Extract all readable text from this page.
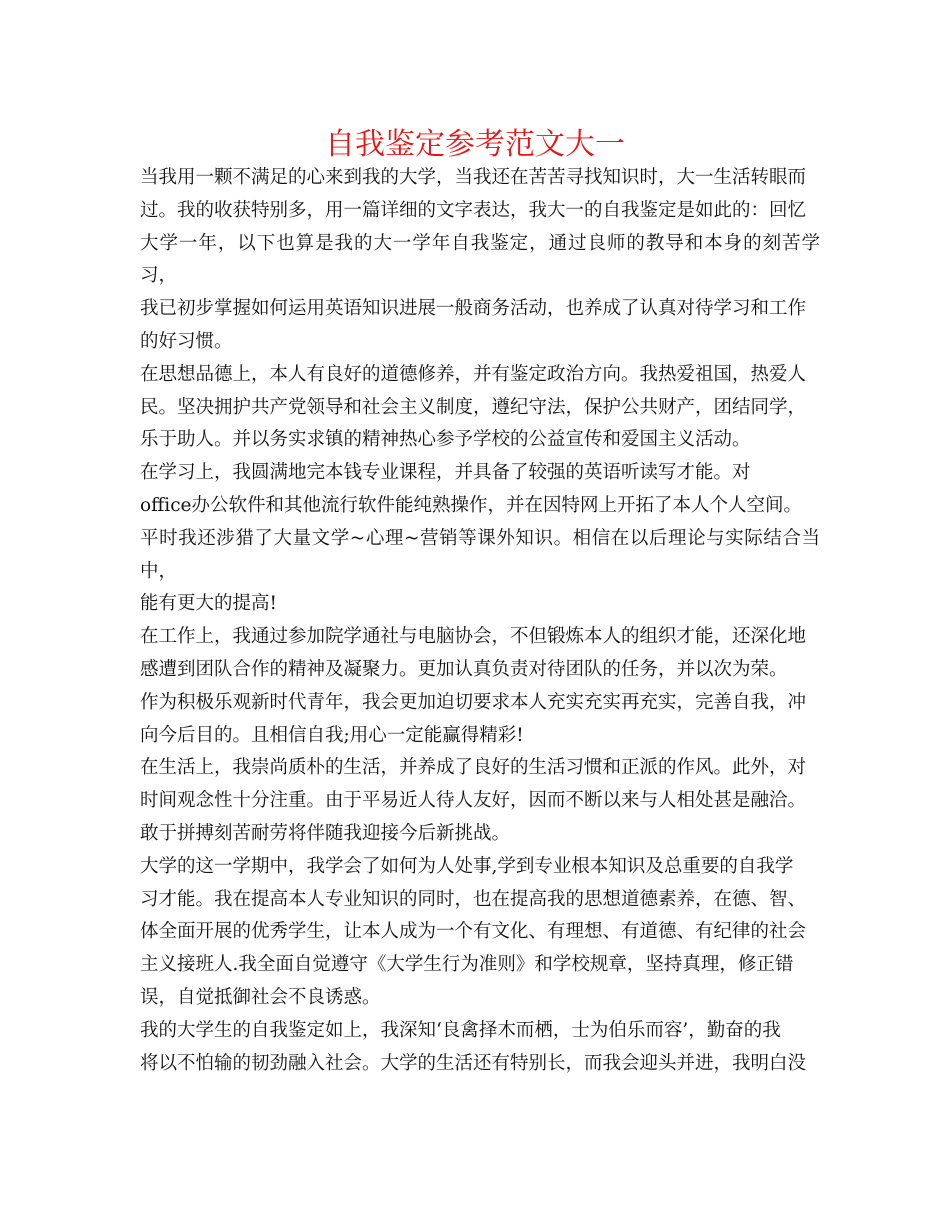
自我鉴定参考范文大一

当我用一颗不满足的心来到我的大学，当我还在苦苦寻找知识时，大一生活转眼而
过。我的收获特别多，用一篇详细的文字表达，我大一的自我鉴定是如此的：回忆
大学一年，以下也算是我的大一学年自我鉴定，通过良师的教导和本身的刻苦学习，
我已初步掌握如何运用英语知识进展一般商务活动，也养成了认真对待学习和工作
的好习惯。

在思想品德上，本人有良好的道德修养，并有鉴定政治方向。我热爱祖国，热爱人
民。坚决拥护共产党领导和社会主义制度，遵纪守法，保护公共财产，团结同学，
乐于助人。并以务实求镇的精神热心参予学校的公益宣传和爱国主义活动。

在学习上，我圆满地完本钱专业课程，并具备了较强的英语听读写才能。对
office办公软件和其他流行软件能纯熟操作，并在因特网上开拓了本人个人空间。
平时我还涉猎了大量文学~心理~营销等课外知识。相信在以后理论与实际结合当中，
能有更大的提高!

在工作上，我通过参加院学通社与电脑协会，不但锻炼本人的组织才能，还深化地
感遭到团队合作的精神及凝聚力。更加认真负责对待团队的任务，并以次为荣。

作为积极乐观新时代青年，我会更加迫切要求本人充实充实再充实，完善自我，冲
向今后目的。且相信自我;用心一定能赢得精彩!

在生活上，我崇尚质朴的生活，并养成了良好的生活习惯和正派的作风。此外，对
时间观念性十分注重。由于平易近人待人友好，因而不断以来与人相处甚是融洽。
敢于拼搏刻苦耐劳将伴随我迎接今后新挑战。

大学的这一学期中，我学会了如何为人处事,学到专业根本知识及总重要的自我学
习才能。我在提高本人专业知识的同时，也在提高我的思想道德素养，在德、智、
体全面开展的优秀学生，让本人成为一个有文化、有理想、有道德、有纪律的社会
主义接班人.我全面自觉遵守《大学生行为准则》和学校规章，坚持真理，修正错
误，自觉抵御社会不良诱惑。

我的大学生的自我鉴定如上，我深知‘良禽择木而栖，士为伯乐而容’，勤奋的我
将以不怕输的韧劲融入社会。大学的生活还有特别长，而我会迎头并进，我明白没
